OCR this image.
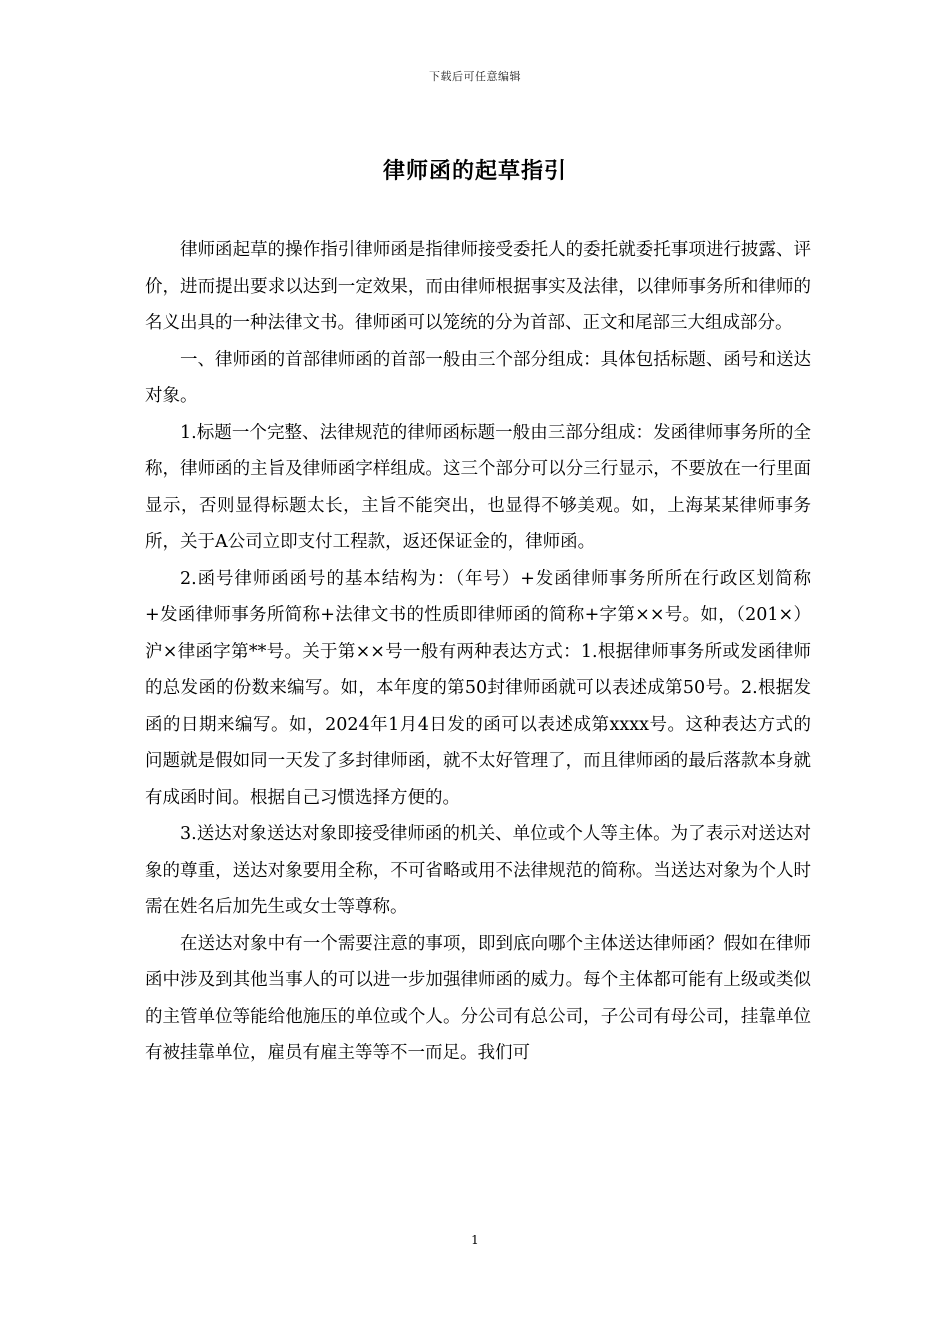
下载后可任意编辑
律师函的起草指引

律师函起草的操作指引律师函是指律师接受委托人的委托就委托事项进行披露、评价，进而提出要求以达到一定效果，而由律师根据事实及法律，以律师事务所和律师的名义出具的一种法律文书。律师函可以笼统的分为首部、正文和尾部三大组成部分。

一、律师函的首部律师函的首部一般由三个部分组成：具体包括标题、函号和送达对象。

1.标题一个完整、法律规范的律师函标题一般由三部分组成：发函律师事务所的全称，律师函的主旨及律师函字样组成。这三个部分可以分三行显示，不要放在一行里面显示，否则显得标题太长，主旨不能突出，也显得不够美观。如，上海某某律师事务所，关于A公司立即支付工程款，返还保证金的，律师函。

2.函号律师函函号的基本结构为：（年号）+发函律师事务所所在行政区划简称+发函律师事务所简称+法律文书的性质即律师函的简称+字第××号。如，（201×）沪×律函字第**号。关于第××号一般有两种表达方式：1.根据律师事务所或发函律师的总发函的份数来编写。如，本年度的第50封律师函就可以表述成第50号。2.根据发函的日期来编写。如，2024年1月4日发的函可以表述成第xxxx号。这种表达方式的问题就是假如同一天发了多封律师函，就不太好管理了，而且律师函的最后落款本身就有成函时间。根据自己习惯选择方便的。

3.送达对象送达对象即接受律师函的机关、单位或个人等主体。为了表示对送达对象的尊重，送达对象要用全称，不可省略或用不法律规范的简称。当送达对象为个人时需在姓名后加先生或女士等尊称。

在送达对象中有一个需要注意的事项，即到底向哪个主体送达律师函？假如在律师函中涉及到其他当事人的可以进一步加强律师函的威力。每个主体都可能有上级或类似的主管单位等能给他施压的单位或个人。分公司有总公司，子公司有母公司，挂靠单位有被挂靠单位，雇员有雇主等等不一而足。我们可

1
